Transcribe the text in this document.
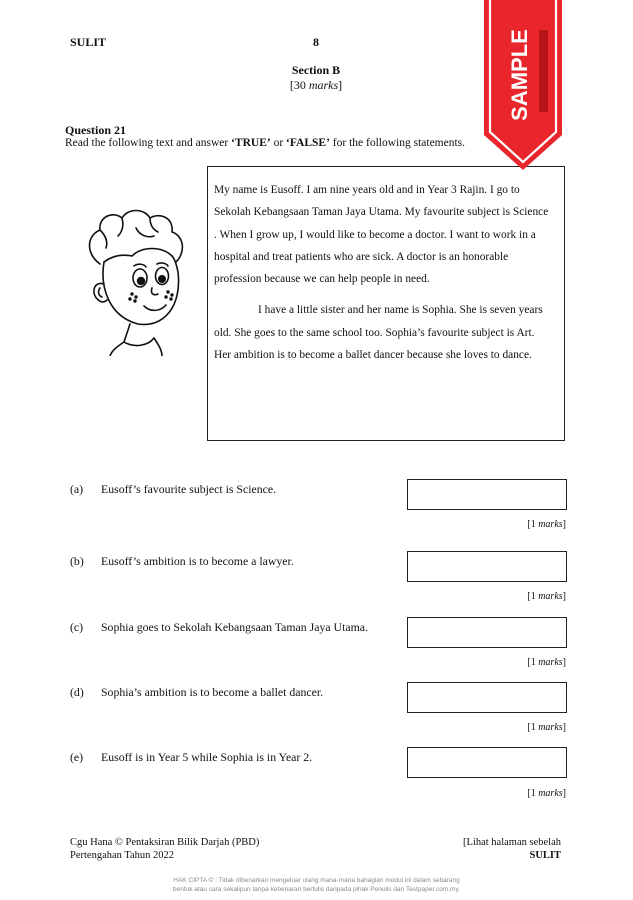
SULIT	8
Section B
[30 marks]
Question 21
Read the following text and answer ‘TRUE’ or ‘FALSE’ for the following statements.

My name is Eusoff. I am nine years old and in Year 3 Rajin. I go to Sekolah Kebangsaan Taman Jaya Utama. My favourite subject is Science . When I grow up, I would like to become a doctor. I want to work in a hospital and treat patients who are sick. A doctor is an honorable profession because we can help people in need.

I have a little sister and her name is Sophia. She is seven years old. She goes to the same school too. Sophia’s favourite subject is Art. Her ambition is to become a ballet dancer because she loves to dance.

(a) Eusoff’s favourite subject is Science.
[1 marks]
(b) Eusoff’s ambition is to become a lawyer.
[1 marks]
(c) Sophia goes to Sekolah Kebangsaan Taman Jaya Utama.
[1 marks]
(d) Sophia’s ambition is to become a ballet dancer.
[1 marks]
(e) Eusoff is in Year 5 while Sophia is in Year 2.
[1 marks]
Cgu Hana © Pentaksiran Bilik Darjah (PBD)
Pertengahan Tahun 2022
[Lihat halaman sebelah
SULIT
HAK CIPTA © : Tidak dibenarkan mengeluar ulang mana-mana bahagian modul ini dalam sebarang
bentuk atau cara sekalipun tanpa kebenaran bertulis daripada pihak Penulis dan Testpaper.com.my.
SAMPLE
